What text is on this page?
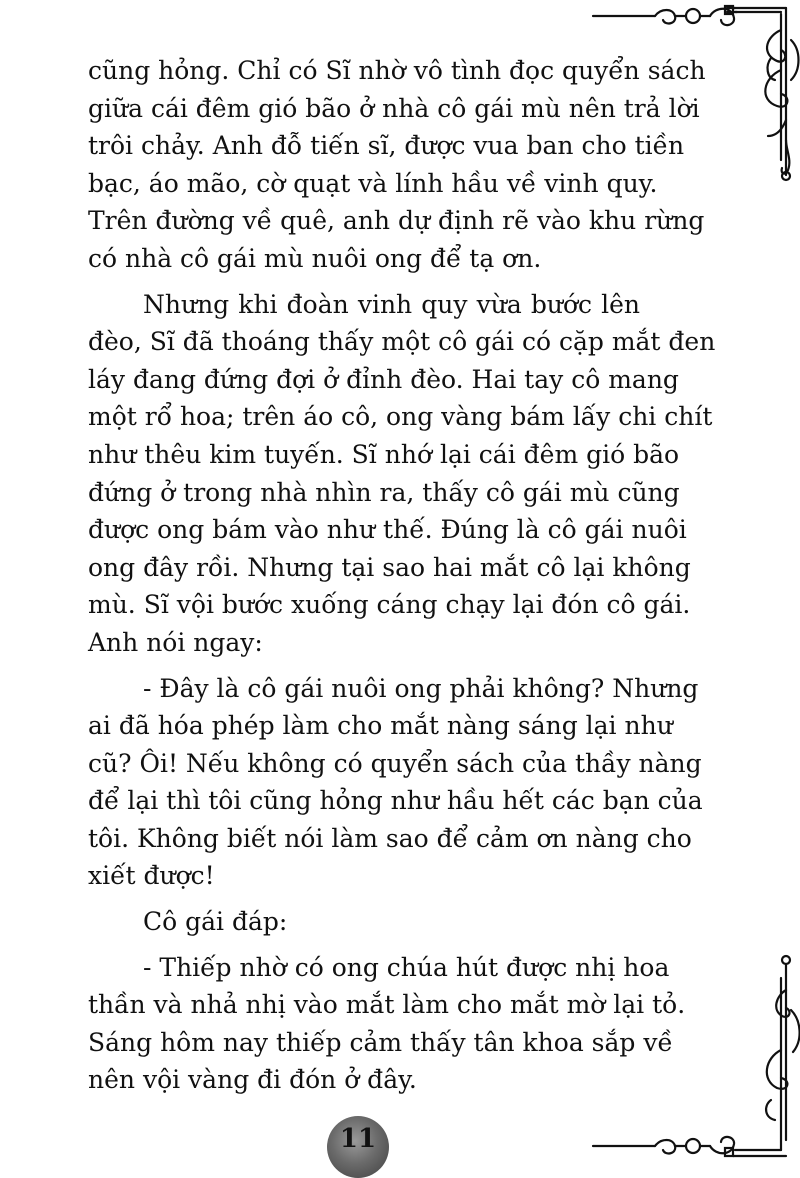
cũng hỏng. Chỉ có Sĩ nhờ vô tình đọc quyển sách
giữa cái đêm gió bão ở nhà cô gái mù nên trả lời
trôi chảy. Anh đỗ tiến sĩ, được vua ban cho tiền
bạc, áo mão, cờ quạt và lính hầu về vinh quy.
Trên đường về quê, anh dự định rẽ vào khu rừng
có nhà cô gái mù nuôi ong để tạ ơn.
Nhưng khi đoàn vinh quy vừa bước lên
đèo, Sĩ đã thoáng thấy một cô gái có cặp mắt đen
láy đang đứng đợi ở đỉnh đèo. Hai tay cô mang
một rổ hoa; trên áo cô, ong vàng bám lấy chi chít
như thêu kim tuyến. Sĩ nhớ lại cái đêm gió bão
đứng ở trong nhà nhìn ra, thấy cô gái mù cũng
được ong bám vào như thế. Đúng là cô gái nuôi
ong đây rồi. Nhưng tại sao hai mắt cô lại không
mù. Sĩ vội bước xuống cáng chạy lại đón cô gái.
Anh nói ngay:
- Đây là cô gái nuôi ong phải không? Nhưng
ai đã hóa phép làm cho mắt nàng sáng lại như
cũ? Ôi! Nếu không có quyển sách của thầy nàng
để lại thì tôi cũng hỏng như hầu hết các bạn của
tôi. Không biết nói làm sao để cảm ơn nàng cho
xiết được!
Cô gái đáp:
- Thiếp nhờ có ong chúa hút được nhị hoa
thần và nhả nhị vào mắt làm cho mắt mờ lại tỏ.
Sáng hôm nay thiếp cảm thấy tân khoa sắp về
nên vội vàng đi đón ở đây.
11
